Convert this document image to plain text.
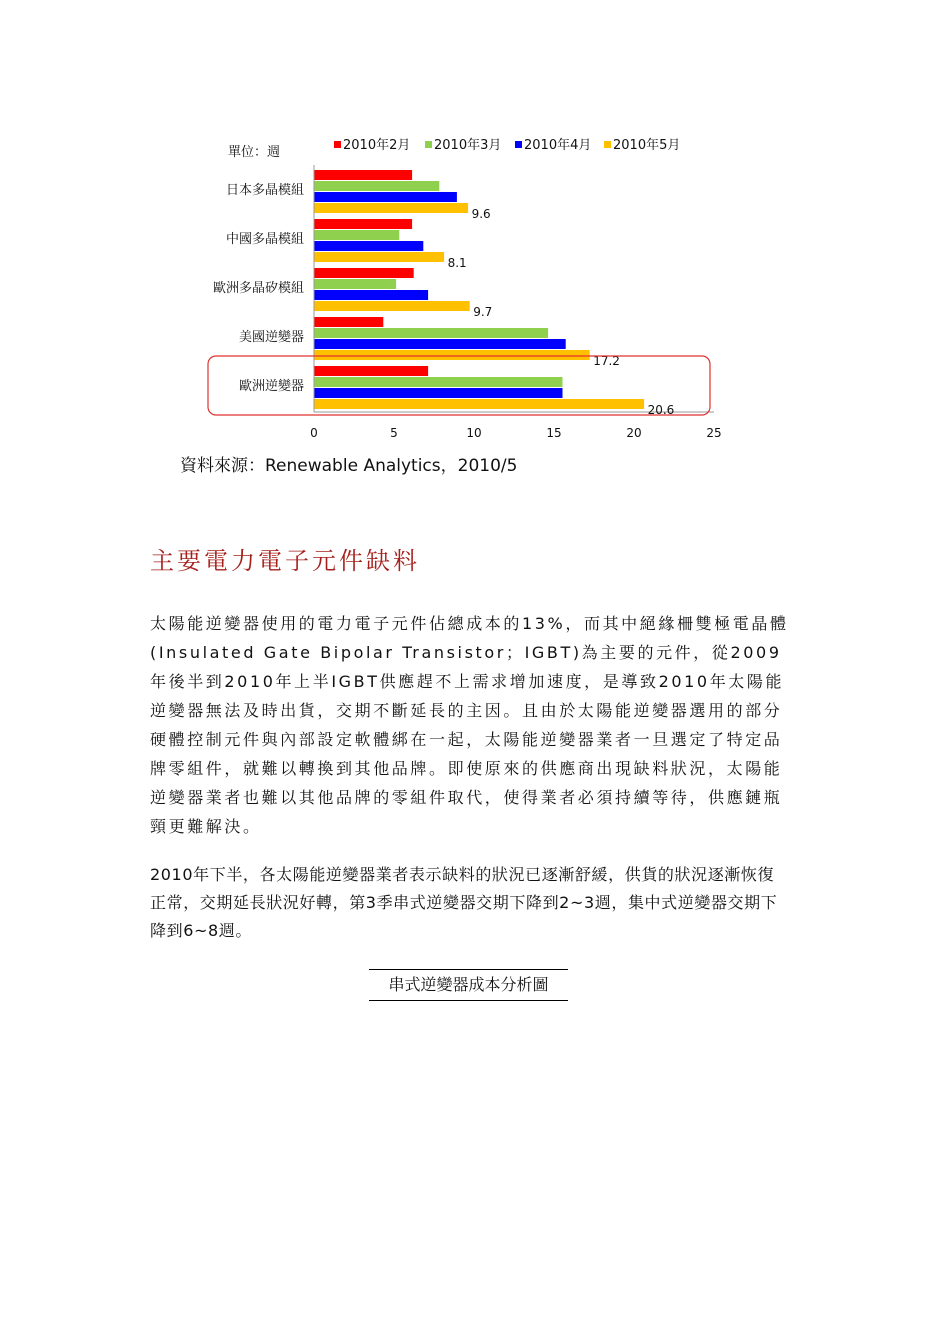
單位：週	2010年2月 2010年3月 2010年4月 2010年5月
0	5	10	15	20	25
日本多晶模組
9.6
中國多晶模組
8.1
歐洲多晶矽模組
9.7
美國逆變器
17.2
歐洲逆變器
20.6
資料來源：Renewable Analytics，2010/5
主要電力電子元件缺料

太陽能逆變器使用的電力電子元件佔總成本的13%，而其中絕緣柵雙極電晶體(Insulated Gate Bipolar Transistor；IGBT)為主要的元件，從2009年後半到2010年上半IGBT供應趕不上需求增加速度，是導致2010年太陽能逆變器無法及時出貨，交期不斷延長的主因。且由於太陽能逆變器選用的部分硬體控制元件與內部設定軟體綁在一起，太陽能逆變器業者一旦選定了特定品牌零組件，就難以轉換到其他品牌。即使原來的供應商出現缺料狀況，太陽能逆變器業者也難以其他品牌的零組件取代，使得業者必須持續等待，供應鏈瓶頸更難解決。

2010年下半，各太陽能逆變器業者表示缺料的狀況已逐漸舒緩，供貨的狀況逐漸恢復正常，交期延長狀況好轉，第3季串式逆變器交期下降到2~3週，集中式逆變器交期下降到6~8週。

串式逆變器成本分析圖
